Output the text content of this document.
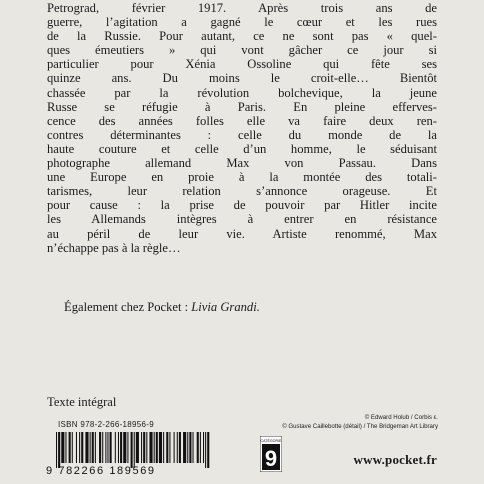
Petrograd, février 1917. Après trois ans de
guerre, l’agitation a gagné le cœur et les rues
de la Russie. Pour autant, ce ne sont pas « quel-
ques émeutiers » qui vont gâcher ce jour si
particulier pour Xénia Ossoline qui fête ses
quinze ans. Du moins le croit-elle… Bientôt
chassée par la révolution bolchevique, la jeune
Russe se réfugie à Paris. En pleine efferves-
cence des années folles elle va faire deux ren-
contres déterminantes : celle du monde de la
haute couture et celle d’un homme, le séduisant
photographe allemand Max von Passau. Dans
une Europe en proie à la montée des totali-
tarismes, leur relation s’annonce orageuse. Et
pour cause : la prise de pouvoir par Hitler incite
les Allemands intègres à entrer en résistance
au péril de leur vie. Artiste renommé, Max
n’échappe pas à la règle…
Également chez Pocket : Livia Grandi.
Texte intégral
ISBN 978-2-266-18956-9
9 782266 189569
© Edward Holub / Corbis ε.
© Gustave Caillebotte (détail) / The Bridgeman Art Library
CATÉGORIE
9	www.pocket.fr
